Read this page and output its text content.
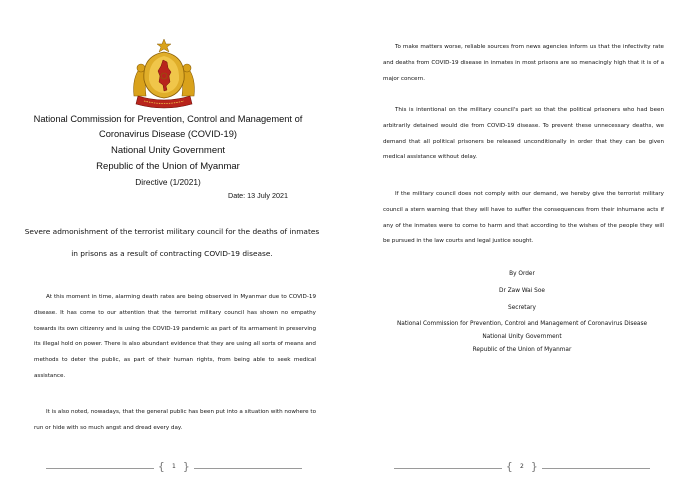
National Commission for Prevention, Control and Management of
Coronavirus Disease (COVID-19)
National Unity Government
Republic of the Union of Myanmar
Directive (1/2021)
Date: 13 July 2021
Severe admonishment of the terrorist military council for the deaths of inmates
in prisons as a result of contracting COVID-19 disease.
At this moment in time, alarming death rates are being observed in Myanmar due to COVID-19 disease. It has come to our attention that the terrorist military council has shown no empathy towards its own citizenry and is using the COVID-19 pandemic as part of its armament in preserving its illegal hold on power. There is also abundant evidence that they are using all sorts of means and methods to deter the public, as part of their human rights, from being able to seek medical assistance.
It is also noted, nowadays, that the general public has been put into a situation with nowhere to run or hide with so much angst and dread every day.
{ 1 }
To make matters worse, reliable sources from news agencies inform us that the infectivity rate and deaths from COVID-19 disease in inmates in most prisons are so menacingly high that it is of a major concern.
This is intentional on the military council's part so that the political prisoners who had been arbitrarily detained would die from COVID-19 disease. To prevent these unnecessary deaths, we demand that all political prisoners be released unconditionally in order that they can be given medical assistance without delay.
If the military council does not comply with our demand, we hereby give the terrorist military council a stern warning that they will have to suffer the consequences from their inhumane acts if any of the inmates were to come to harm and that according to the wishes of the people they will be pursued in the law courts and legal justice sought.
By Order
Dr Zaw Wai Soe
Secretary
National Commission for Prevention, Control and Management of Coronavirus Disease
National Unity Government
Republic of the Union of Myanmar
{ 2 }
